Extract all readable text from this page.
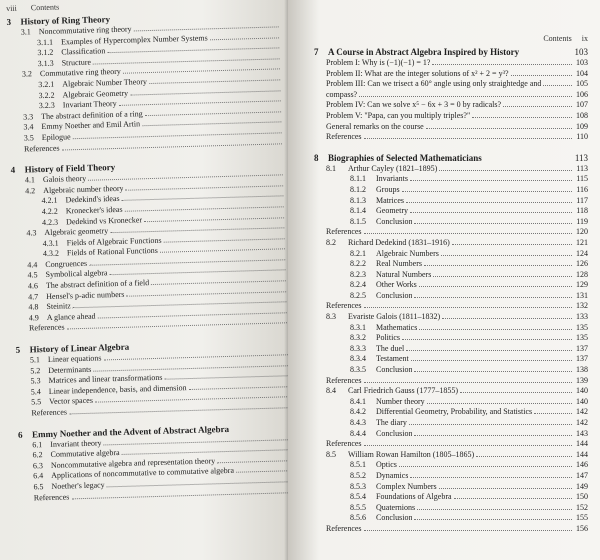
viii Contents
3	History of Ring Theory
3.1 Noncommutative ring theory
3.1.1 Examples of Hypercomplex Number Systems
3.1.2 Classification
3.1.3 Structure
3.2 Commutative ring theory
3.2.1 Algebraic Number Theory
3.2.2 Algebraic Geometry
3.2.3 Invariant Theory
3.3 The abstract definition of a ring
3.4 Emmy Noether and Emil Artin
3.5 Epilogue
References
4	History of Field Theory
4.1 Galois theory
4.2 Algebraic number theory
4.2.1 Dedekind's ideas
4.2.2 Kronecker's ideas
4.2.3 Dedekind vs Kronecker
4.3 Algebraic geometry
4.3.1 Fields of Algebraic Functions
4.3.2 Fields of Rational Functions
4.4 Congruences
4.5 Symbolical algebra
4.6 The abstract definition of a field
4.7 Hensel's p-adic numbers
4.8 Steinitz
4.9 A glance ahead
References
5	History of Linear Algebra
5.1 Linear equations
5.2 Determinants
5.3 Matrices and linear transformations
5.4 Linear independence, basis, and dimension
5.5 Vector spaces
References
6	Emmy Noether and the Advent of Abstract Algebra
6.1 Invariant theory
6.2 Commutative algebra
6.3 Noncommutative algebra and representation theory
6.4 Applications of noncommutative to commutative algebra
6.5 Noether's legacy
References
Contents ix
7	A Course in Abstract Algebra Inspired by History	103
Problem I: Why is (−1)(−1) = 1?	103
Problem II: What are the integer solutions of x² + 2 = y³?	104
Problem III: Can we trisect a 60° angle using only straightedge and	105
compass?	106
Problem IV: Can we solve x⁵ − 6x + 3 = 0 by radicals?	107
Problem V: "Papa, can you multiply triples?"	108
General remarks on the course	109
References	110
8	Biographies of Selected Mathematicians	113
8.1	Arthur Cayley (1821–1895)	113
8.1.1	Invariants	115
8.1.2	Groups	116
8.1.3	Matrices	117
8.1.4	Geometry	118
8.1.5	Conclusion	119
References	120
8.2	Richard Dedekind (1831–1916)	121
8.2.1	Algebraic Numbers	124
8.2.2	Real Numbers	126
8.2.3	Natural Numbers	128
8.2.4	Other Works	129
8.2.5	Conclusion	131
References	132
8.3	Evariste Galois (1811–1832)	133
8.3.1	Mathematics	135
8.3.2	Politics	135
8.3.3	The duel	137
8.3.4	Testament	137
8.3.5	Conclusion	138
References	139
8.4	Carl Friedrich Gauss (1777–1855)	140
8.4.1	Number theory	140
8.4.2	Differential Geometry, Probability, and Statistics	142
8.4.3	The diary	142
8.4.4	Conclusion	143
References	144
8.5	William Rowan Hamilton (1805–1865)	144
8.5.1	Optics	146
8.5.2	Dynamics	147
8.5.3	Complex Numbers	149
8.5.4	Foundations of Algebra	150
8.5.5	Quaternions	152
8.5.6	Conclusion	155
References	156
